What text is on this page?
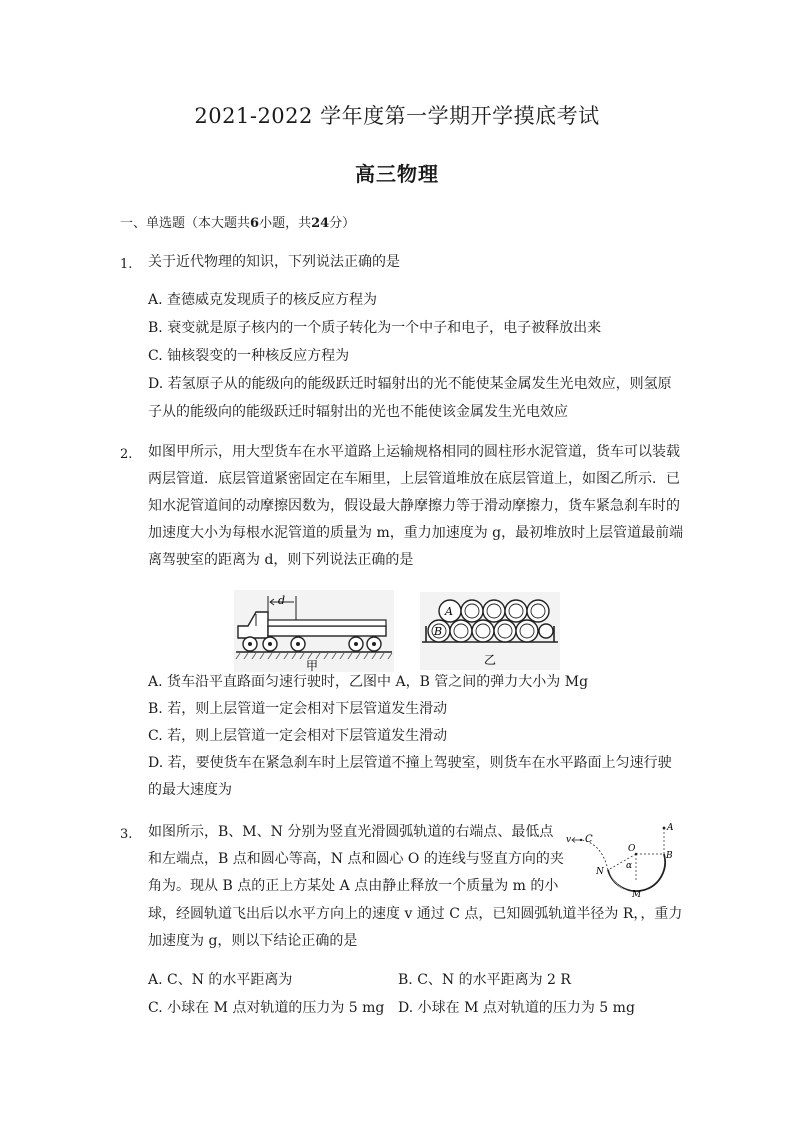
2021-2022 学年度第一学期开学摸底考试
高三物理
一、单选题（本大题共6小题，共24分）
1. 关于近代物理的知识，下列说法正确的是
A. 查德威克发现质子的核反应方程为
B. 衰变就是原子核内的一个质子转化为一个中子和电子，电子被释放出来
C. 铀核裂变的一种核反应方程为
D. 若氢原子从的能级向的能级跃迁时辐射出的光不能使某金属发生光电效应，则氢原
子从的能级向的能级跃迁时辐射出的光也不能使该金属发生光电效应
2. 如图甲所示，用大型货车在水平道路上运输规格相同的圆柱形水泥管道，货车可以装载
两层管道．底层管道紧密固定在车厢里，上层管道堆放在底层管道上，如图乙所示．已
知水泥管道间的动摩擦因数为，假设最大静摩擦力等于滑动摩擦力，货车紧急刹车时的
加速度大小为每根水泥管道的质量为 m，重力加速度为 g，最初堆放时上层管道最前端
离驾驶室的距离为 d，则下列说法正确的是
d
甲
A
B
乙
A. 货车沿平直路面匀速行驶时，乙图中 A，B 管之间的弹力大小为 Mg
B. 若，则上层管道一定会相对下层管道发生滑动
C. 若，则上层管道一定会相对下层管道发生滑动
D. 若，要使货车在紧急刹车时上层管道不撞上驾驶室，则货车在水平路面上匀速行驶
的最大速度为
3. 如图所示，B、M、N 分别为竖直光滑圆弧轨道的右端点、最低点
和左端点，B 点和圆心等高，N 点和圆心 O 的连线与竖直方向的夹
角为。现从 B 点的正上方某处 A 点由静止释放一个质量为 m 的小
球，经圆轨道飞出后以水平方向上的速度 v 通过 C 点，已知圆弧轨道半径为 R，，重力
加速度为 g，则以下结论正确的是
v C
A
O
B
N
α
M
A. C、N 的水平距离为	B. C、N 的水平距离为 2 R
C. 小球在 M 点对轨道的压力为 5 mg D. 小球在 M 点对轨道的压力为 5 mg
